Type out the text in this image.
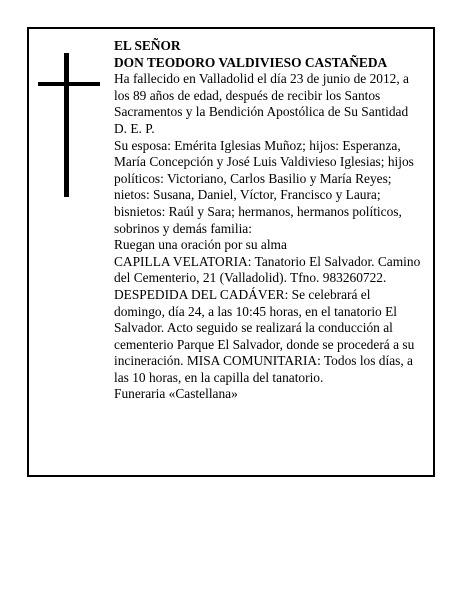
EL SEÑOR

DON TEODORO VALDIVIESO CASTAÑEDA

Ha fallecido en Valladolid el día 23 de junio de 2012, a los 89 años de edad, después de recibir los Santos Sacramentos y la Bendición Apostólica de Su Santidad D. E. P.

Su esposa: Emérita Iglesias Muñoz; hijos: Esperanza, María Concepción y José Luis Valdivieso Iglesias; hijos políticos: Victoriano, Carlos Basilio y María Reyes; nietos: Susana, Daniel, Víctor, Francisco y Laura; bisnietos: Raúl y Sara; hermanos, hermanos políticos, sobrinos y demás familia:

Ruegan una oración por su alma

CAPILLA VELATORIA: Tanatorio El Salvador. Camino del Cementerio, 21 (Valladolid). Tfno. 983260722.

DESPEDIDA DEL CADÁVER: Se celebrará el domingo, día 24, a las 10:45 horas, en el tanatorio El Salvador. Acto seguido se realizará la conducción al cementerio Parque El Salvador, donde se procederá a su incineración. MISA COMUNITARIA: Todos los días, a las 10 horas, en la capilla del tanatorio.

Funeraria «Castellana»
